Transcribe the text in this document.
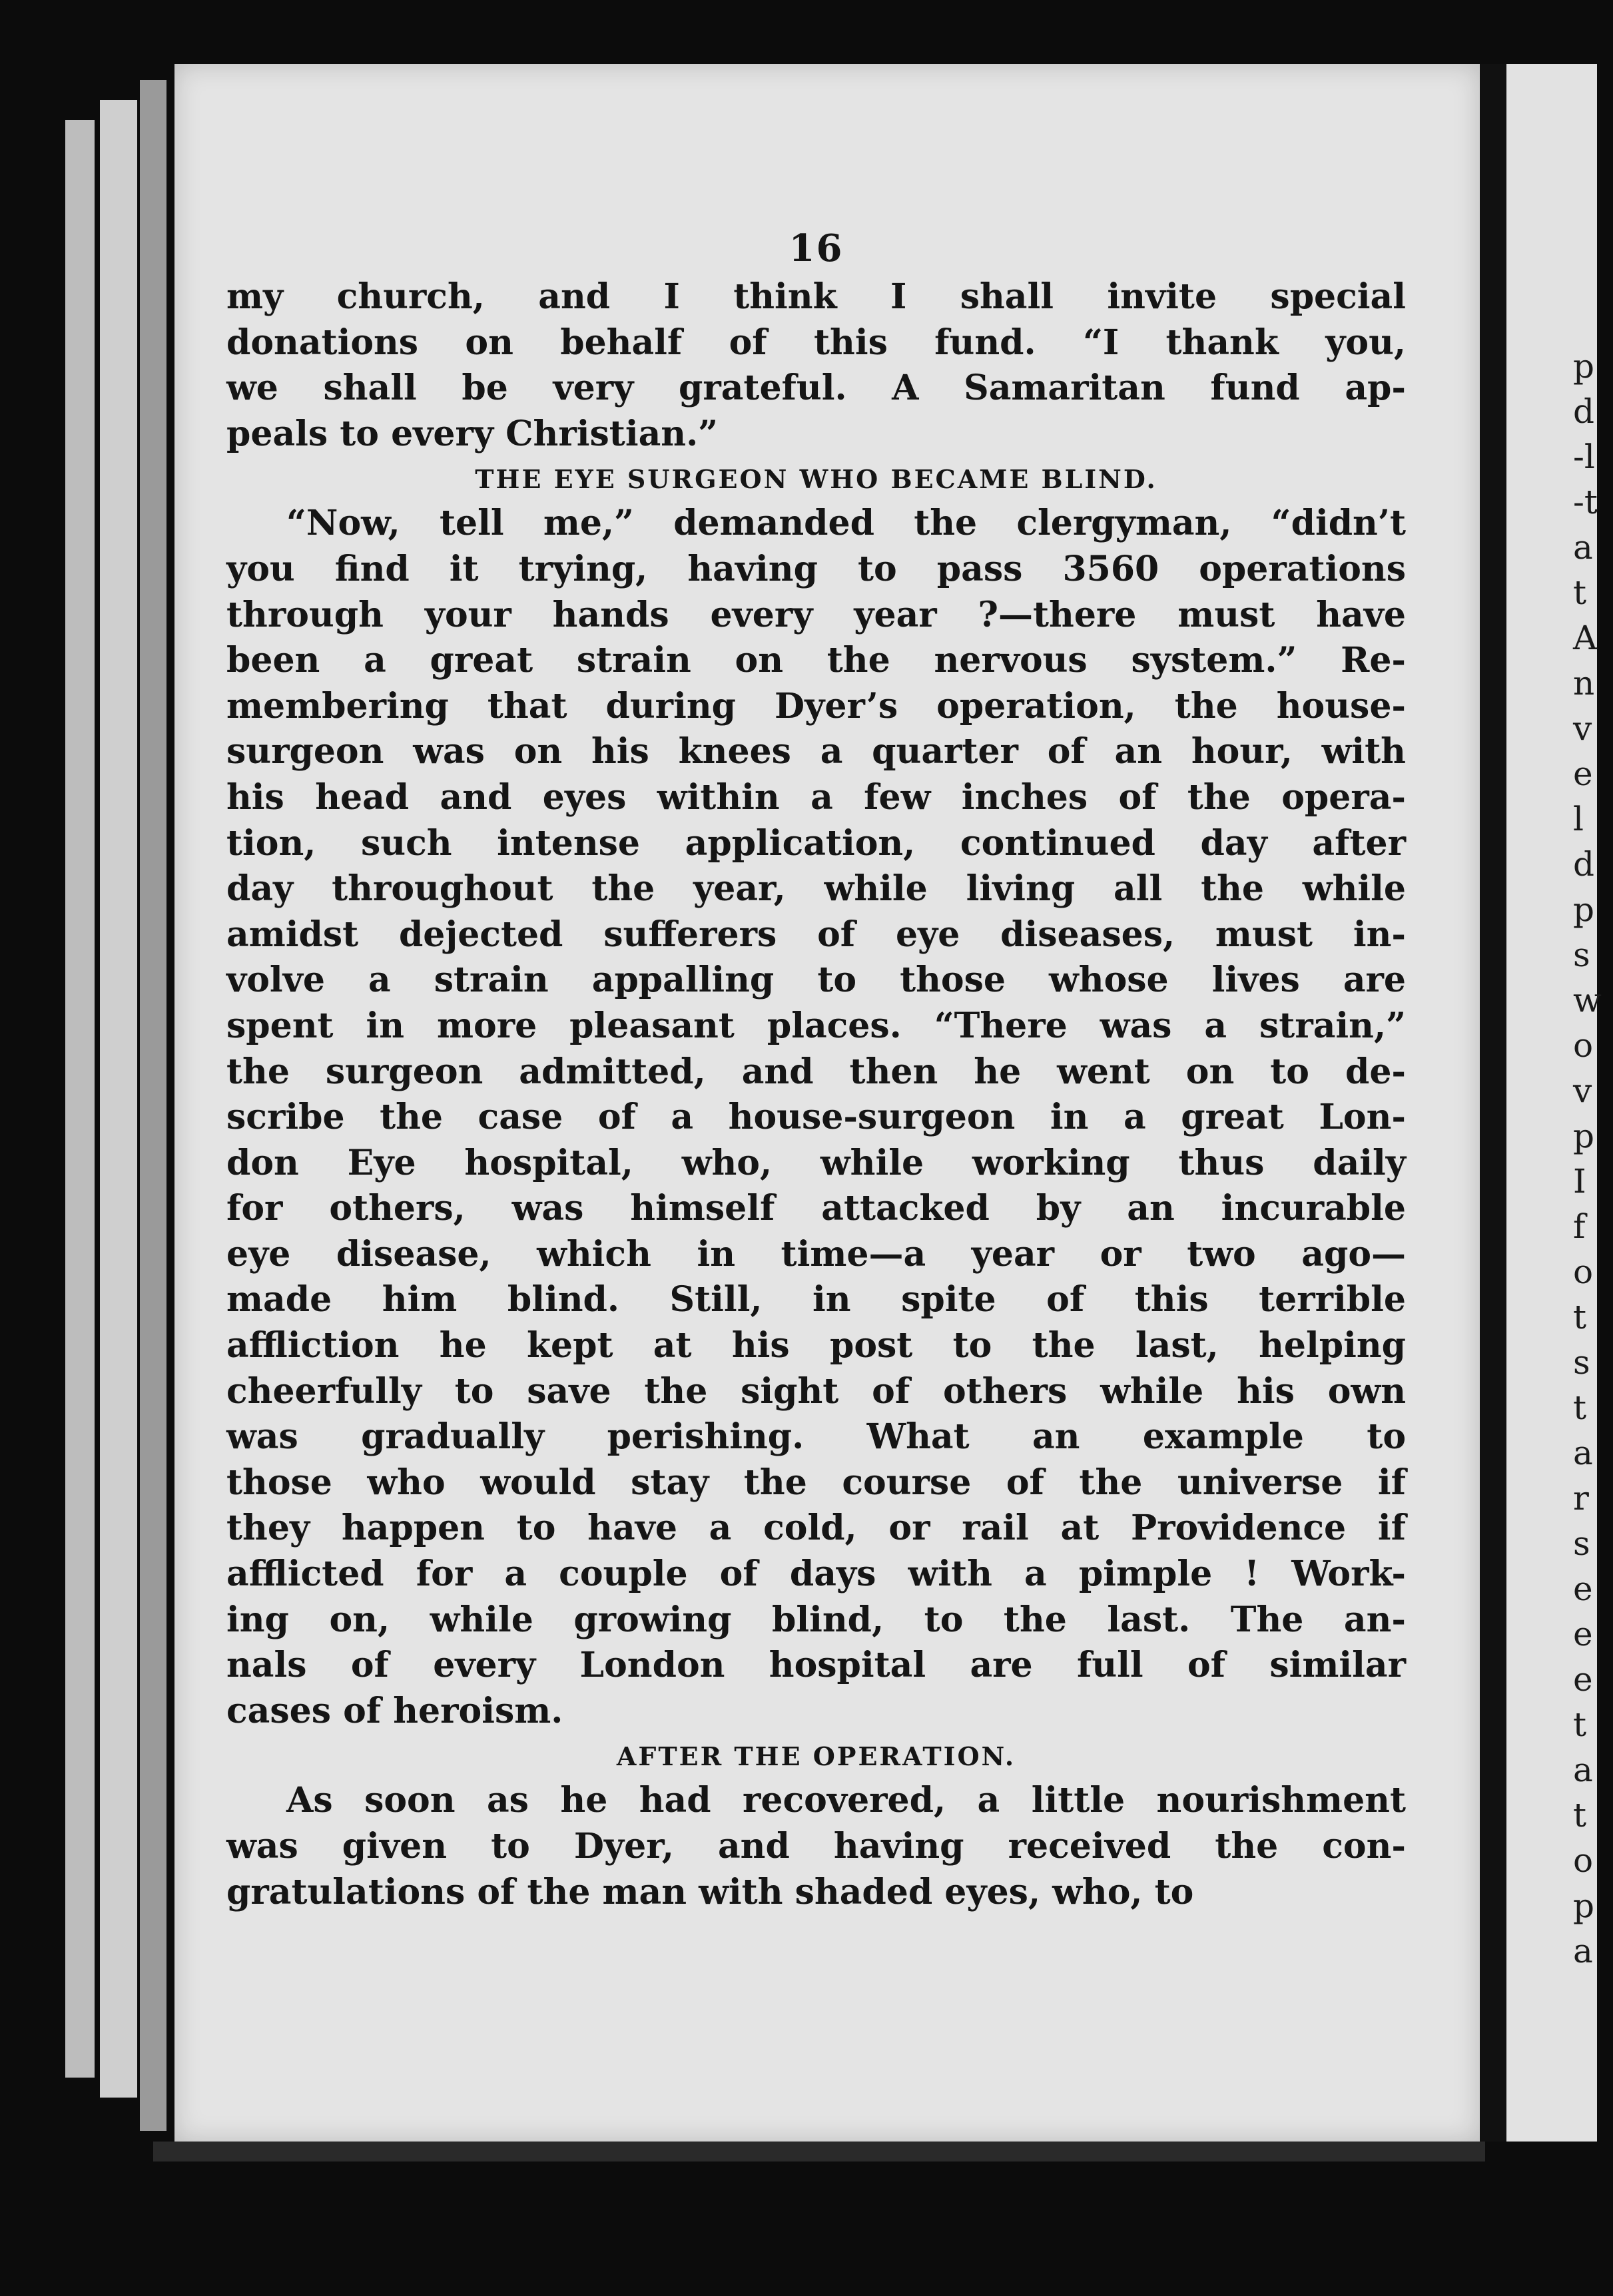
p
d
-l
-t
a
t
A
n
v
e
l
d
p
s
w
o
v
p
I
f
o
t
s
t
a
r
s
e
e
e
t
a
t
o
p
a
16
my church, and I think I shall invite special
donations on behalf of this fund. “I thank you,
we shall be very grateful. A Samaritan fund ap-
peals to every Christian.”
THE EYE SURGEON WHO BECAME BLIND.
“Now, tell me,” demanded the clergyman, “didn’t
you find it trying, having to pass 3560 operations
through your hands every year ?—there must have
been a great strain on the nervous system.” Re-
membering that during Dyer’s operation, the house-
surgeon was on his knees a quarter of an hour, with
his head and eyes within a few inches of the opera-
tion, such intense application, continued day after
day throughout the year, while living all the while
amidst dejected sufferers of eye diseases, must in-
volve a strain appalling to those whose lives are
spent in more pleasant places. “There was a strain,”
the surgeon admitted, and then he went on to de-
scribe the case of a house-surgeon in a great Lon-
don Eye hospital, who, while working thus daily
for others, was himself attacked by an incurable
eye disease, which in time—a year or two ago—
made him blind. Still, in spite of this terrible
affliction he kept at his post to the last, helping
cheerfully to save the sight of others while his own
was gradually perishing. What an example to
those who would stay the course of the universe if
they happen to have a cold, or rail at Providence if
afflicted for a couple of days with a pimple ! Work-
ing on, while growing blind, to the last. The an-
nals of every London hospital are full of similar
cases of heroism.
AFTER THE OPERATION.
As soon as he had recovered, a little nourishment
was given to Dyer, and having received the con-
gratulations of the man with shaded eyes, who, to
